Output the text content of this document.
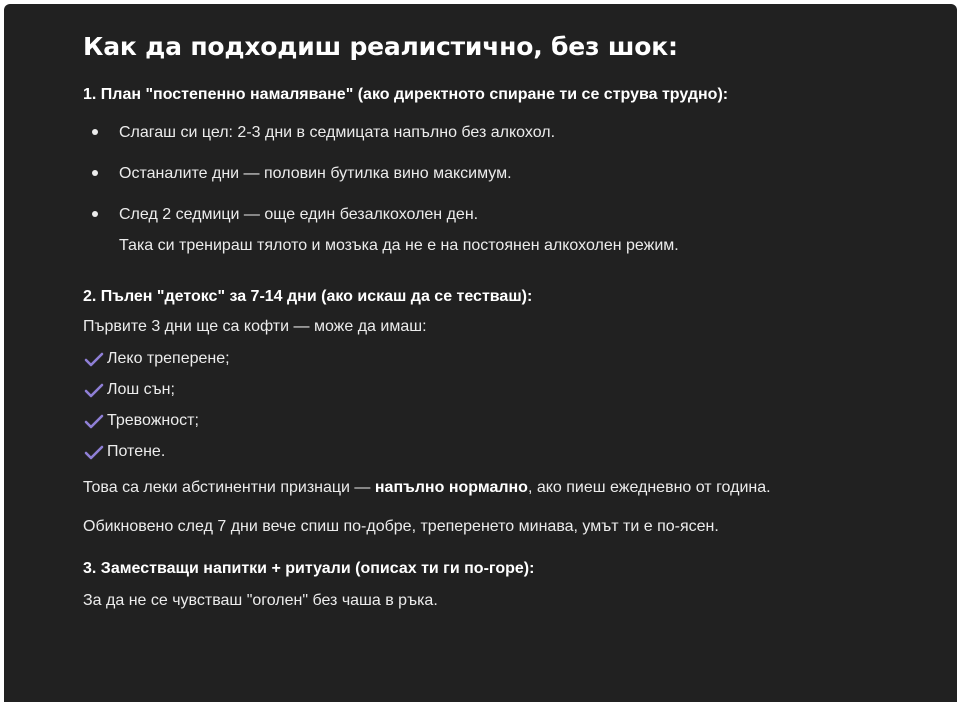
Как да подходиш реалистично, без шок:
1. План "постепенно намаляване" (ако директното спиране ти се струва трудно):
Слагаш си цел: 2-3 дни в седмицата напълно без алкохол.
Останалите дни — половин бутилка вино максимум.
След 2 седмици — още един безалкохолен ден.
Така си тренираш тялото и мозъка да не е на постоянен алкохолен режим.
2. Пълен "детокс" за 7-14 дни (ако искаш да се тестваш):
Първите 3 дни ще са кофти — може да имаш:
Леко треперене;
Лош сън;
Тревожност;
Потене.
Това са леки абстинентни признаци — напълно нормално, ако пиеш ежедневно от година.
Обикновено след 7 дни вече спиш по-добре, треперенето минава, умът ти е по-ясен.
3. Заместващи напитки + ритуали (описах ти ги по-горе):
За да не се чувстваш "оголен" без чаша в ръка.
